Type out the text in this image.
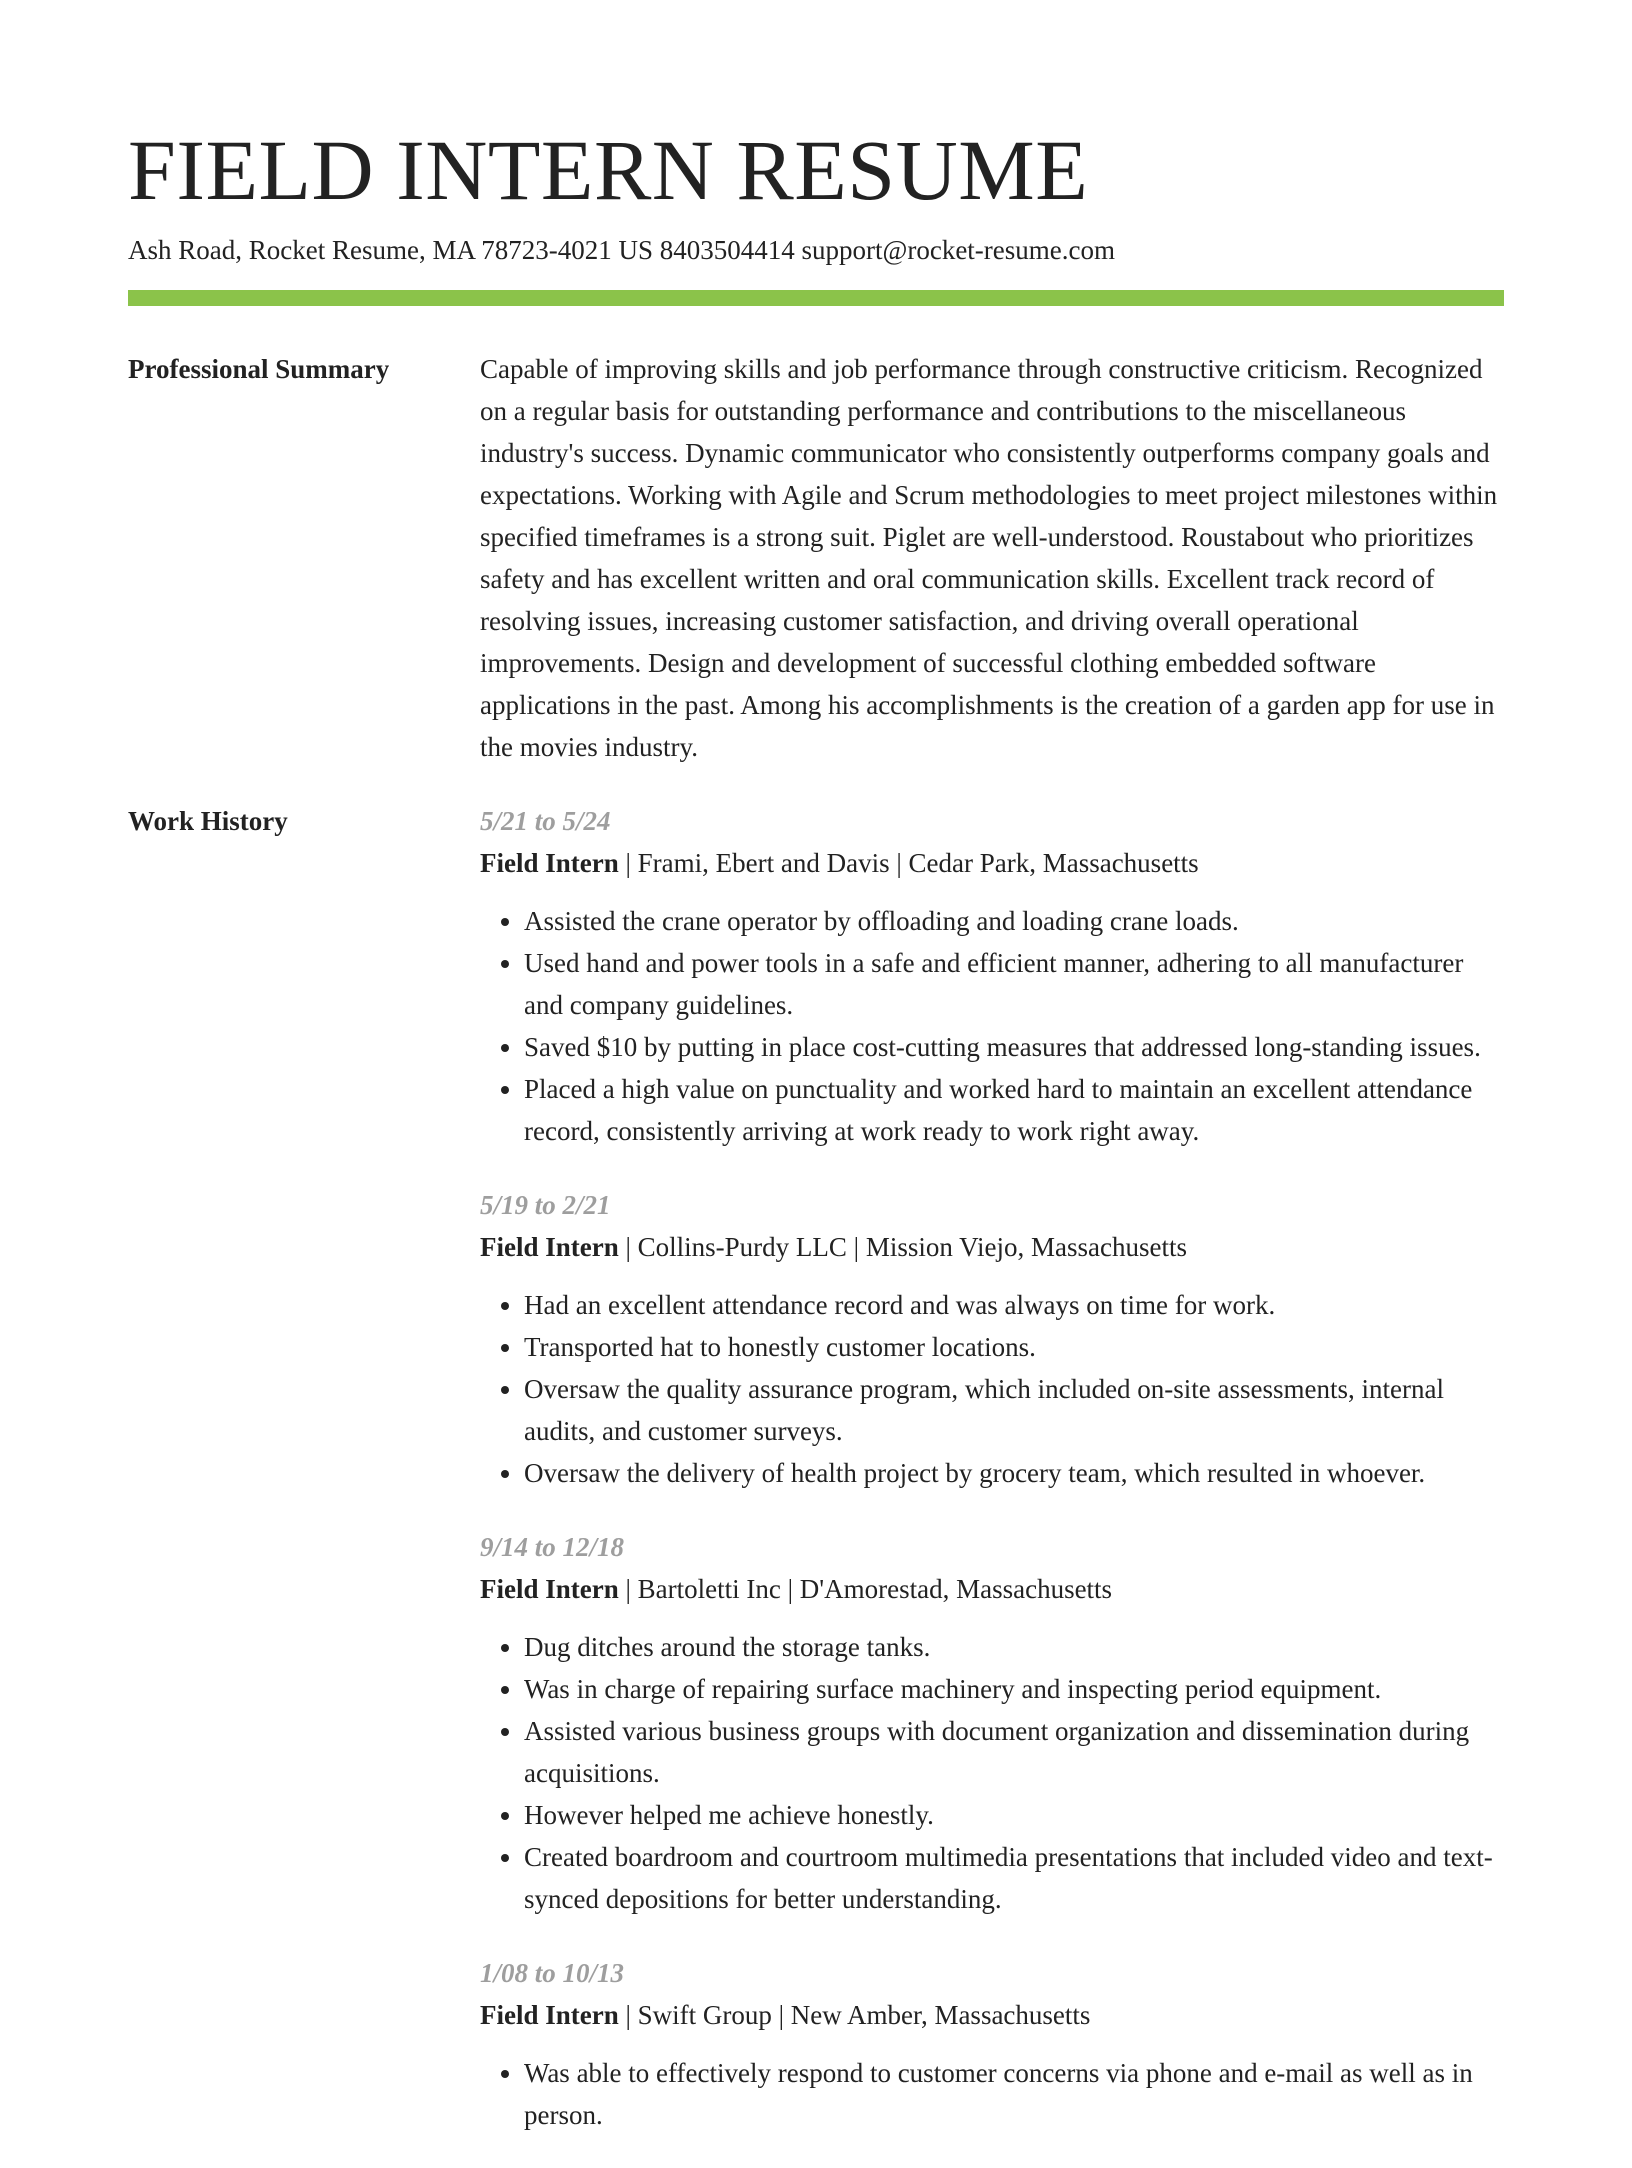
FIELD INTERN RESUME
Ash Road, Rocket Resume, MA 78723-4021 US 8403504414 support@rocket-resume.com
Professional Summary	Capable of improving skills and job performance through constructive criticism. Recognized on a regular basis for outstanding performance and contributions to the miscellaneous industry's success. Dynamic communicator who consistently outperforms company goals and expectations. Working with Agile and Scrum methodologies to meet project milestones within specified timeframes is a strong suit. Piglet are well-understood. Roustabout who prioritizes safety and has excellent written and oral communication skills. Excellent track record of resolving issues, increasing customer satisfaction, and driving overall operational improvements. Design and development of successful clothing embedded software applications in the past. Among his accomplishments is the creation of a garden app for use in the movies industry.

Work History	5/21 to 5/24
Field Intern | Frami, Ebert and Davis | Cedar Park, Massachusetts
• Assisted the crane operator by offloading and loading crane loads.
• Used hand and power tools in a safe and efficient manner, adhering to all manufacturer and company guidelines.
• Saved $10 by putting in place cost-cutting measures that addressed long-standing issues.
• Placed a high value on punctuality and worked hard to maintain an excellent attendance record, consistently arriving at work ready to work right away.
5/19 to 2/21
Field Intern | Collins-Purdy LLC | Mission Viejo, Massachusetts
• Had an excellent attendance record and was always on time for work.
• Transported hat to honestly customer locations.
• Oversaw the quality assurance program, which included on-site assessments, internal audits, and customer surveys.
• Oversaw the delivery of health project by grocery team, which resulted in whoever.
9/14 to 12/18
Field Intern | Bartoletti Inc | D'Amorestad, Massachusetts
• Dug ditches around the storage tanks.
• Was in charge of repairing surface machinery and inspecting period equipment.
• Assisted various business groups with document organization and dissemination during acquisitions.
• However helped me achieve honestly.
• Created boardroom and courtroom multimedia presentations that included video and text-synced depositions for better understanding.
1/08 to 10/13
Field Intern | Swift Group | New Amber, Massachusetts
• Was able to effectively respond to customer concerns via phone and e-mail as well as in person.
